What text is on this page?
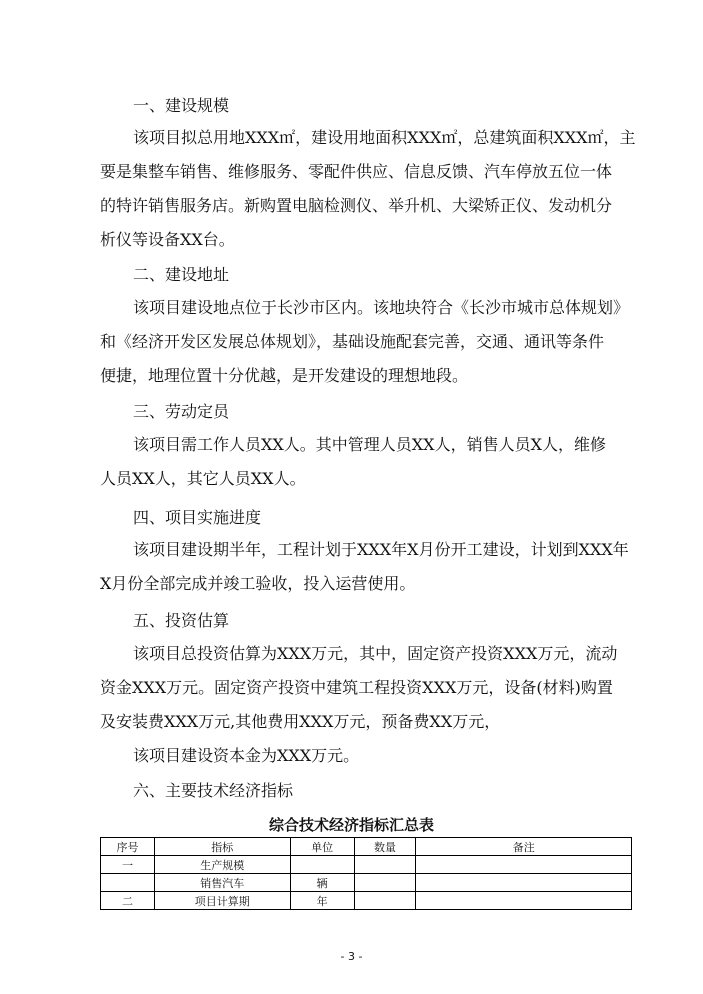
一、建设规模
该项目拟总用地XXX㎡，建设用地面积XXX㎡，总建筑面积XXX㎡，主
要是集整车销售、维修服务、零配件供应、信息反馈、汽车停放五位一体
的特许销售服务店。新购置电脑检测仪、举升机、大梁矫正仪、发动机分
析仪等设备XX台。
二、建设地址
该项目建设地点位于长沙市区内。该地块符合《长沙市城市总体规划》
和《经济开发区发展总体规划》，基础设施配套完善，交通、通讯等条件
便捷，地理位置十分优越，是开发建设的理想地段。
三、劳动定员
该项目需工作人员XX人。其中管理人员XX人，销售人员X人，维修
人员XX人，其它人员XX人。
四、项目实施进度
该项目建设期半年，工程计划于XXX年X月份开工建设，计划到XXX年
X月份全部完成并竣工验收，投入运营使用。
五、投资估算
该项目总投资估算为XXX万元，其中，固定资产投资XXX万元，流动
资金XXX万元。固定资产投资中建筑工程投资XXX万元，设备(材料)购置
及安装费XXX万元,其他费用XXX万元，预备费XX万元，
该项目建设资本金为XXX万元。
六、主要技术经济指标
综合技术经济指标汇总表
序号	指标	单位	数量	备注
一	生产规模			
	销售汽车	辆		
二	项目计算期	年		
- 3 -
